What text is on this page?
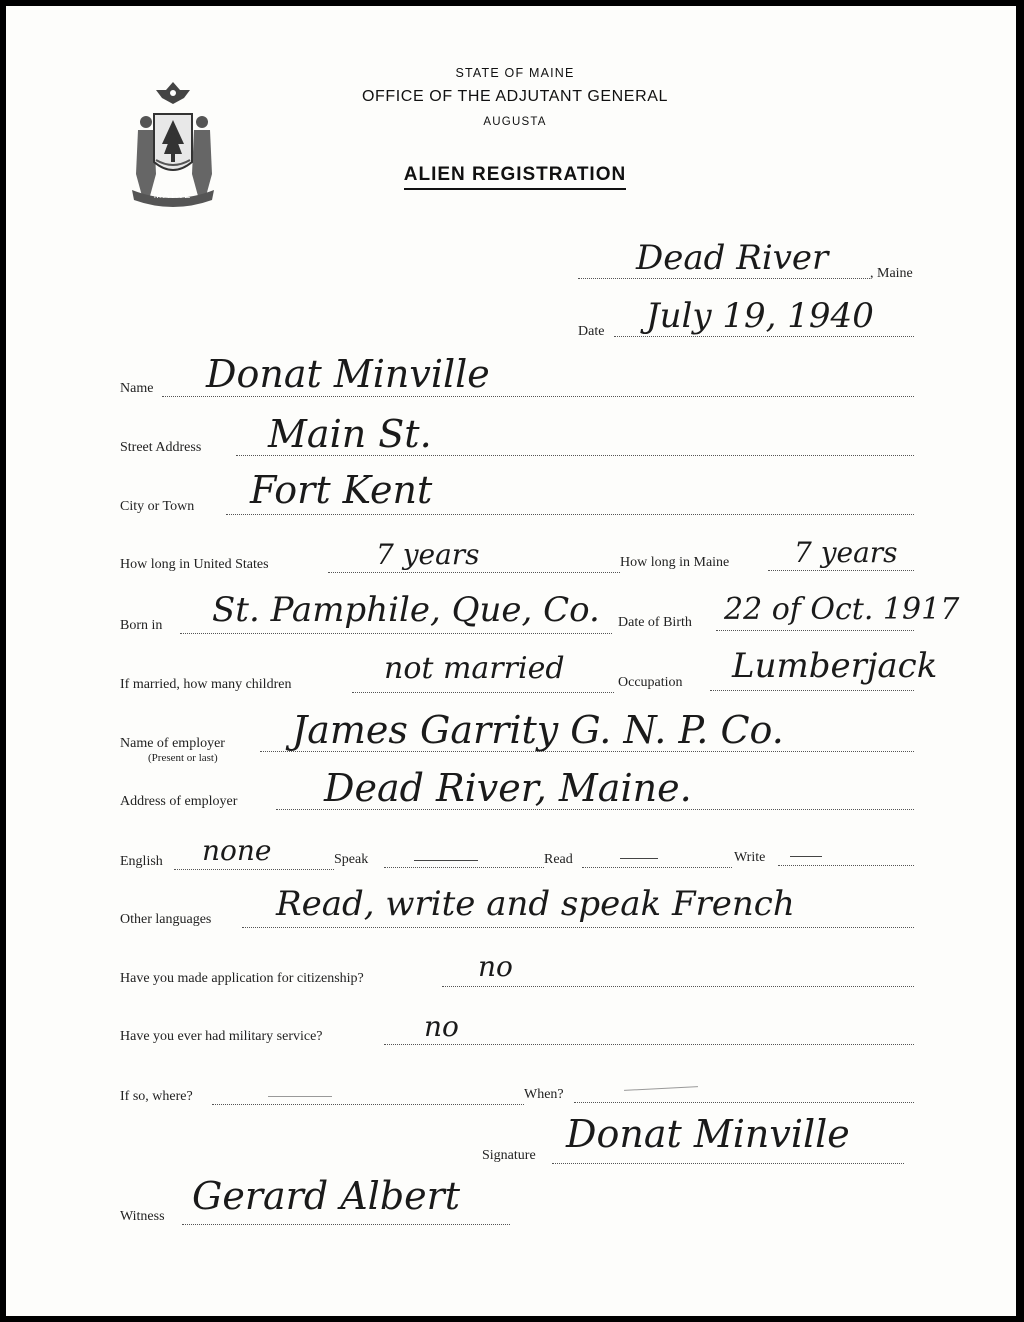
MAINE
STATE OF MAINE
OFFICE OF THE ADJUTANT GENERAL
AUGUSTA
ALIEN REGISTRATION
Dead River	, Maine
Date July 19, 1940
Name Donat Minville
Street Address Main St.
City or Town Fort Kent
How long in United States	7 years	How long in Maine 7 years
Born in St. Pamphile, Que, Co. Date of Birth 22 of Oct. 1917
If married, how many children	not married	Occupation Lumberjack
Name of employer
(Present or last)
James Garrity G. N. P. Co.
Address of employer Dead River, Maine.
English none	Speak	Read	Write
Other languages Read, write and speak French
Have you made application for citizenship?	no
Have you ever had military service?	no
If so, where?	When?
Signature Donat Minville
Witness Gerard Albert
